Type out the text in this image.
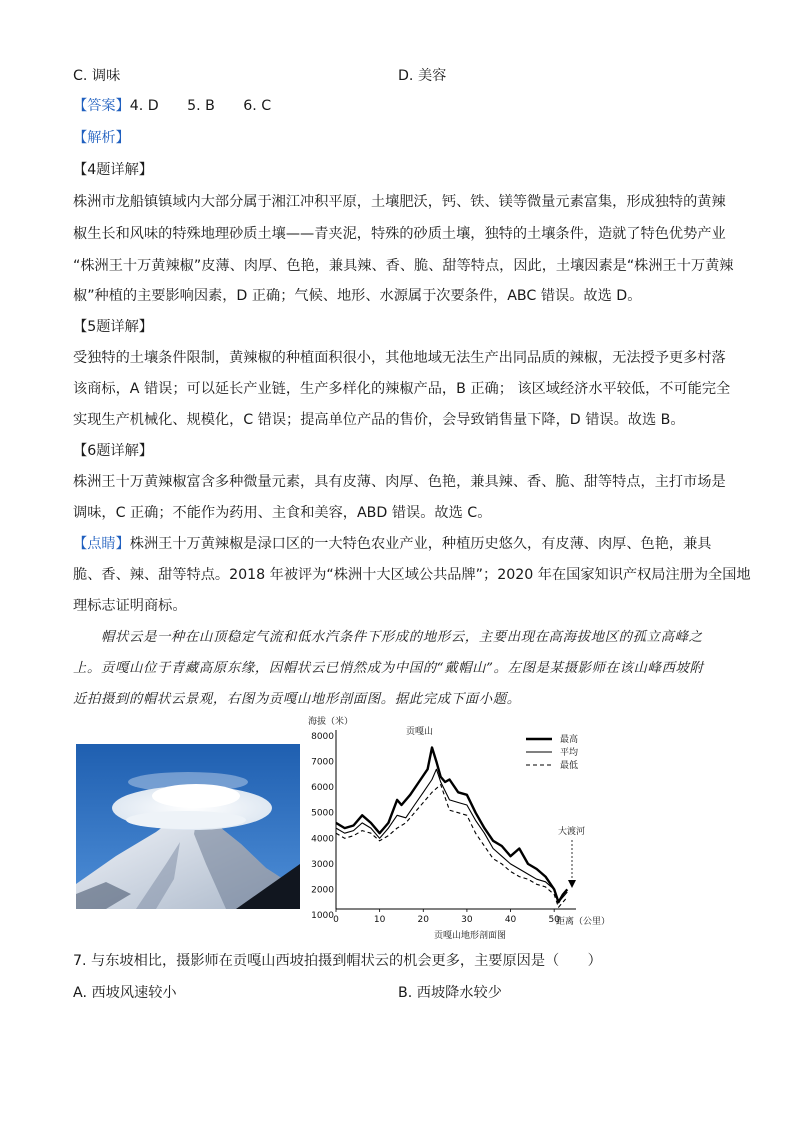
C. 调味	D. 美容
【答案】4. D　　5. B　　6. C
【解析】
【4题详解】
株洲市龙船镇镇域内大部分属于湘江冲积平原，土壤肥沃，钙、铁、镁等微量元素富集，形成独特的黄辣
椒生长和风味的特殊地理砂质土壤——青夹泥，特殊的砂质土壤，独特的土壤条件，造就了特色优势产业
“株洲王十万黄辣椒”皮薄、肉厚、色艳，兼具辣、香、脆、甜等特点，因此，土壤因素是“株洲王十万黄辣
椒”种植的主要影响因素，D 正确；气候、地形、水源属于次要条件，ABC 错误。故选 D。
【5题详解】
受独特的土壤条件限制，黄辣椒的种植面积很小，其他地域无法生产出同品质的辣椒，无法授予更多村落
该商标，A 错误；可以延长产业链，生产多样化的辣椒产品，B 正确； 该区域经济水平较低，不可能完全
实现生产机械化、规模化，C 错误；提高单位产品的售价，会导致销售量下降，D 错误。故选 B。
【6题详解】
株洲王十万黄辣椒富含多种微量元素，具有皮薄、肉厚、色艳，兼具辣、香、脆、甜等特点，主打市场是
调味，C 正确；不能作为药用、主食和美容，ABD 错误。故选 C。
【点睛】株洲王十万黄辣椒是渌口区的一大特色农业产业，种植历史悠久，有皮薄、肉厚、色艳，兼具
脆、香、辣、甜等特点。2018 年被评为“株洲十大区域公共品牌”；2020 年在国家知识产权局注册为全国地
理标志证明商标。
　　帽状云是一种在山顶稳定气流和低水汽条件下形成的地形云，主要出现在高海拔地区的孤立高峰之
上。贡嘎山位于青藏高原东缘，因帽状云已悄然成为中国的“戴帽山”。左图是某摄影师在该山峰西坡附
近拍摄到的帽状云景观，右图为贡嘎山地形剖面图。据此完成下面小题。
海拔（米）
8000
7000
6000
5000
4000
3000
2000
1000 0	10	20	30	40	50
贡嘎山
大渡河
最高
平均
最低
距离（公里）
贡嘎山地形剖面图
7. 与东坡相比，摄影师在贡嘎山西坡拍摄到帽状云的机会更多，主要原因是（　　）
A. 西坡风速较小	B. 西坡降水较少
